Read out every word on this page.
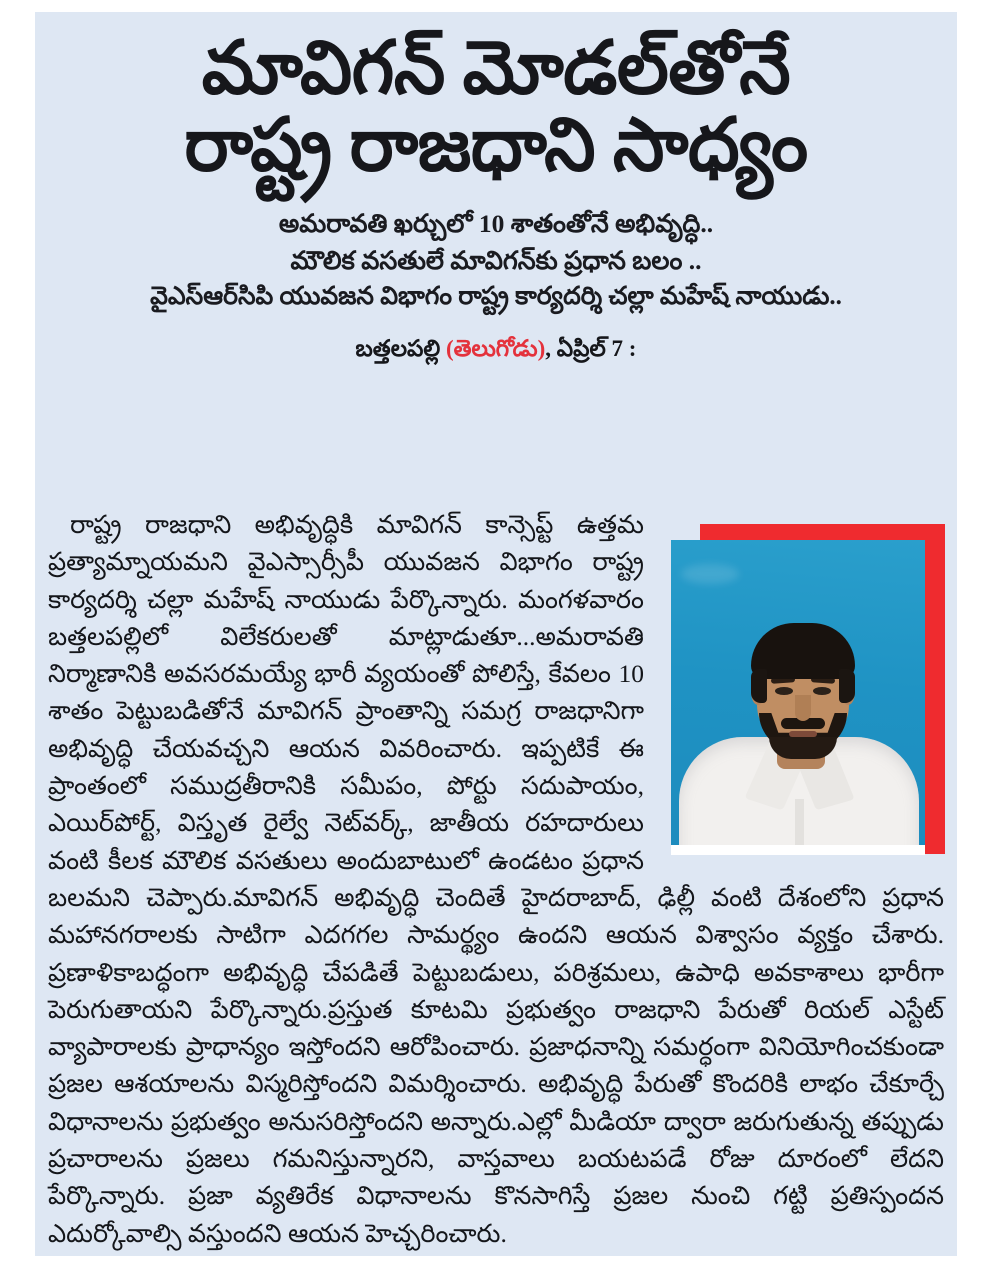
మావిగన్ మోడల్‌తోనే
రాష్ట్ర రాజధాని సాధ్యం
అమరావతి ఖర్చులో 10 శాతంతోనే అభివృద్ధి..
మౌలిక వసతులే మావిగన్‌కు ప్రధాన బలం ..
వైఎస్‌ఆర్‌సిపి యువజన విభాగం రాష్ట్ర కార్యదర్శి చల్లా మహేష్ నాయుడు..
బత్తలపల్లి (తెలుగోడు), ఏప్రిల్ 7 :

రాష్ట్ర రాజధాని అభివృద్ధికి మావిగన్ కాన్సెప్ట్ ఉత్తమ ప్రత్యామ్నాయమని వైఎస్సార్సీపీ యువజన విభాగం రాష్ట్ర కార్యదర్శి చల్లా మహేష్ నాయుడు పేర్కొన్నారు. మంగళవారం బత్తలపల్లిలో విలేకరులతో మాట్లాడుతూ...అమరావతి నిర్మాణానికి అవసరమయ్యే భారీ వ్యయంతో పోలిస్తే, కేవలం 10 శాతం పెట్టుబడితోనే మావిగన్ ప్రాంతాన్ని సమగ్ర రాజధానిగా అభివృద్ధి చేయవచ్చని ఆయన వివరించారు. ఇప్పటికే ఈ ప్రాంతంలో సముద్రతీరానికి సమీపం, పోర్టు సదుపాయం, ఎయిర్‌పోర్ట్, విస్తృత రైల్వే నెట్‌వర్క్, జాతీయ రహదారులు వంటి కీలక మౌలిక వసతులు అందుబాటులో ఉండటం ప్రధాన బలమని చెప్పారు.మావిగన్ అభివృద్ధి చెందితే హైదరాబాద్, ఢిల్లీ వంటి దేశంలోని ప్రధాన మహానగరాలకు సాటిగా ఎదగగల సామర్థ్యం ఉందని ఆయన విశ్వాసం వ్యక్తం చేశారు. ప్రణాళికాబద్ధంగా అభివృద్ధి చేపడితే పెట్టుబడులు, పరిశ్రమలు, ఉపాధి అవకాశాలు భారీగా పెరుగుతాయని పేర్కొన్నారు.ప్రస్తుత కూటమి ప్రభుత్వం రాజధాని పేరుతో రియల్ ఎస్టేట్ వ్యాపారాలకు ప్రాధాన్యం ఇస్తోందని ఆరోపించారు. ప్రజాధనాన్ని సమర్ధంగా వినియోగించకుండా ప్రజల ఆశయాలను విస్మరిస్తోందని విమర్శించారు. అభివృద్ధి పేరుతో కొందరికి లాభం చేకూర్చే విధానాలను ప్రభుత్వం అనుసరిస్తోందని అన్నారు.ఎల్లో మీడియా ద్వారా జరుగుతున్న తప్పుడు ప్రచారాలను ప్రజలు గమనిస్తున్నారని, వాస్తవాలు బయటపడే రోజు దూరంలో లేదని పేర్కొన్నారు. ప్రజా వ్యతిరేక విధానాలను కొనసాగిస్తే ప్రజల నుంచి గట్టి ప్రతిస్పందన ఎదుర్కోవాల్సి వస్తుందని ఆయన హెచ్చరించారు.
